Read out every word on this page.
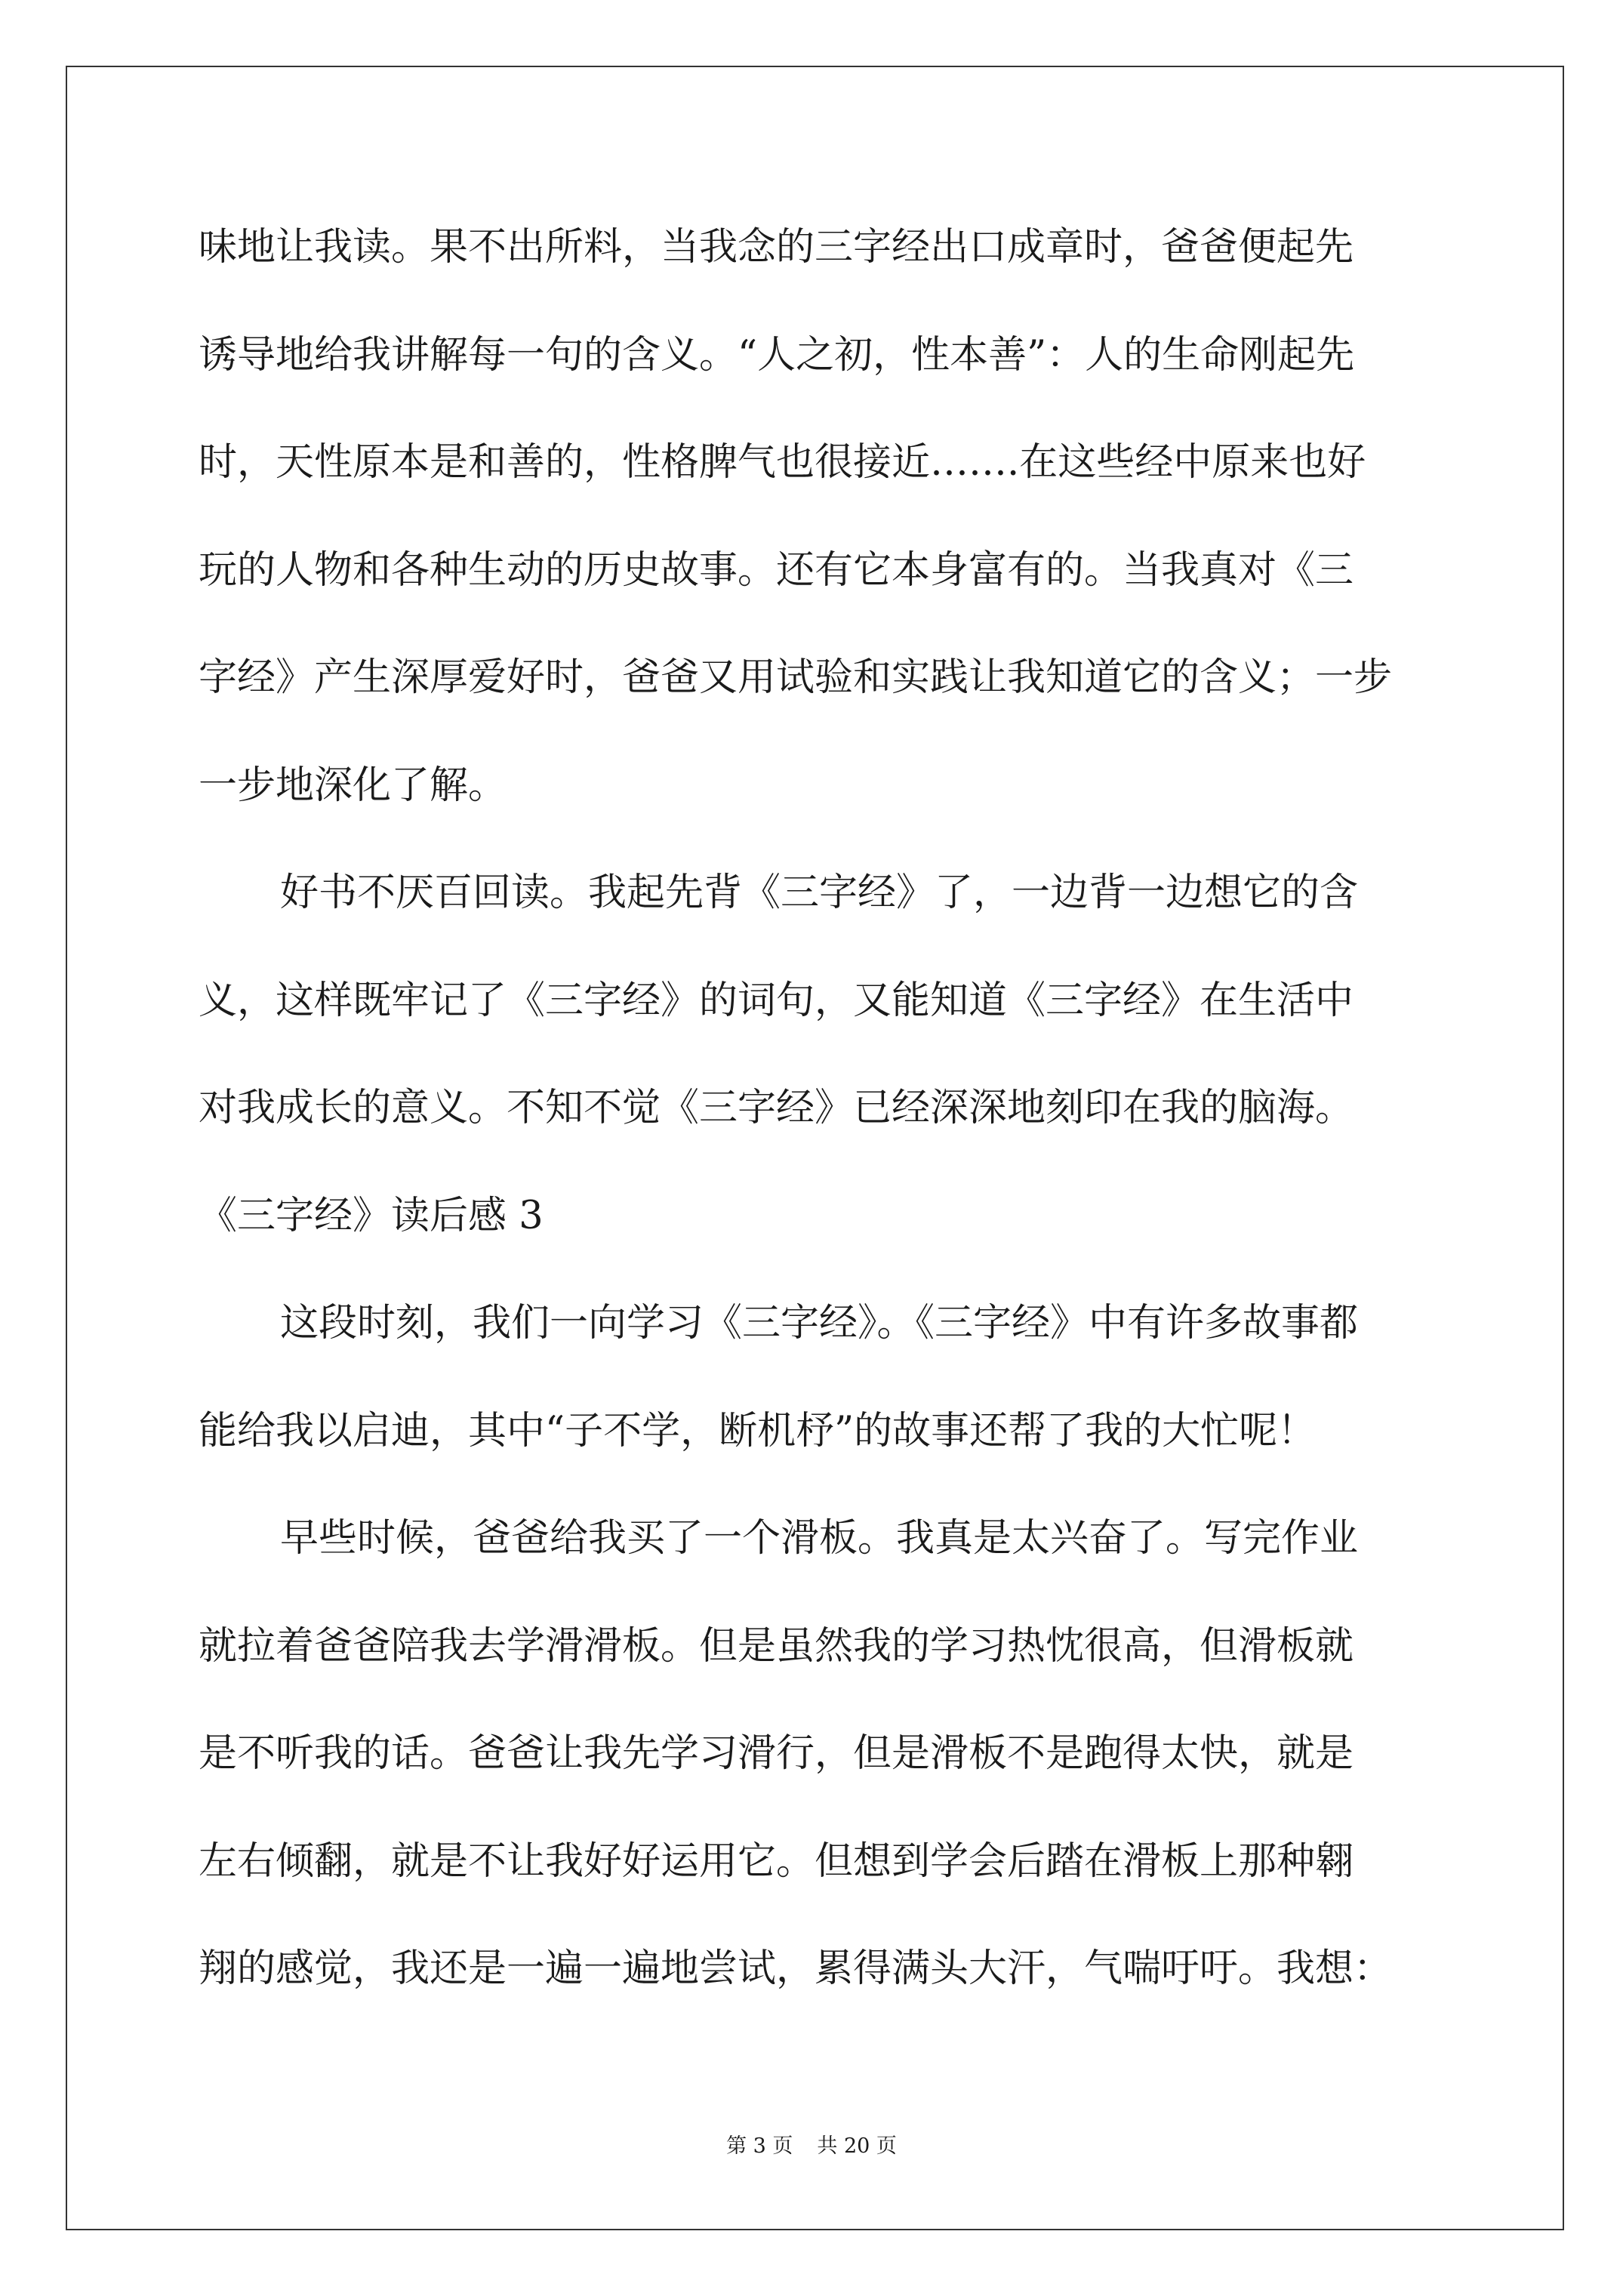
味地让我读。果不出所料，当我念的三字经出口成章时，爸爸便起先
诱导地给我讲解每一句的含义。“人之初，性本善”：人的生命刚起先
时，天性原本是和善的，性格脾气也很接近…….在这些经中原来也好
玩的人物和各种生动的历史故事。还有它本身富有的。当我真对《三
字经》产生深厚爱好时，爸爸又用试验和实践让我知道它的含义；一步
一步地深化了解。
好书不厌百回读。我起先背《三字经》了，一边背一边想它的含
义，这样既牢记了《三字经》的词句，又能知道《三字经》在生活中
对我成长的意义。不知不觉《三字经》已经深深地刻印在我的脑海。
《三字经》读后感 3
这段时刻，我们一向学习《三字经》。《三字经》中有许多故事都
能给我以启迪，其中“子不学，断机杼”的故事还帮了我的大忙呢！
早些时候，爸爸给我买了一个滑板。我真是太兴奋了。写完作业
就拉着爸爸陪我去学滑滑板。但是虽然我的学习热忱很高，但滑板就
是不听我的话。爸爸让我先学习滑行，但是滑板不是跑得太快，就是
左右倾翻，就是不让我好好运用它。但想到学会后踏在滑板上那种翱
翔的感觉，我还是一遍一遍地尝试，累得满头大汗，气喘吁吁。我想：
第 3 页 共 20 页
